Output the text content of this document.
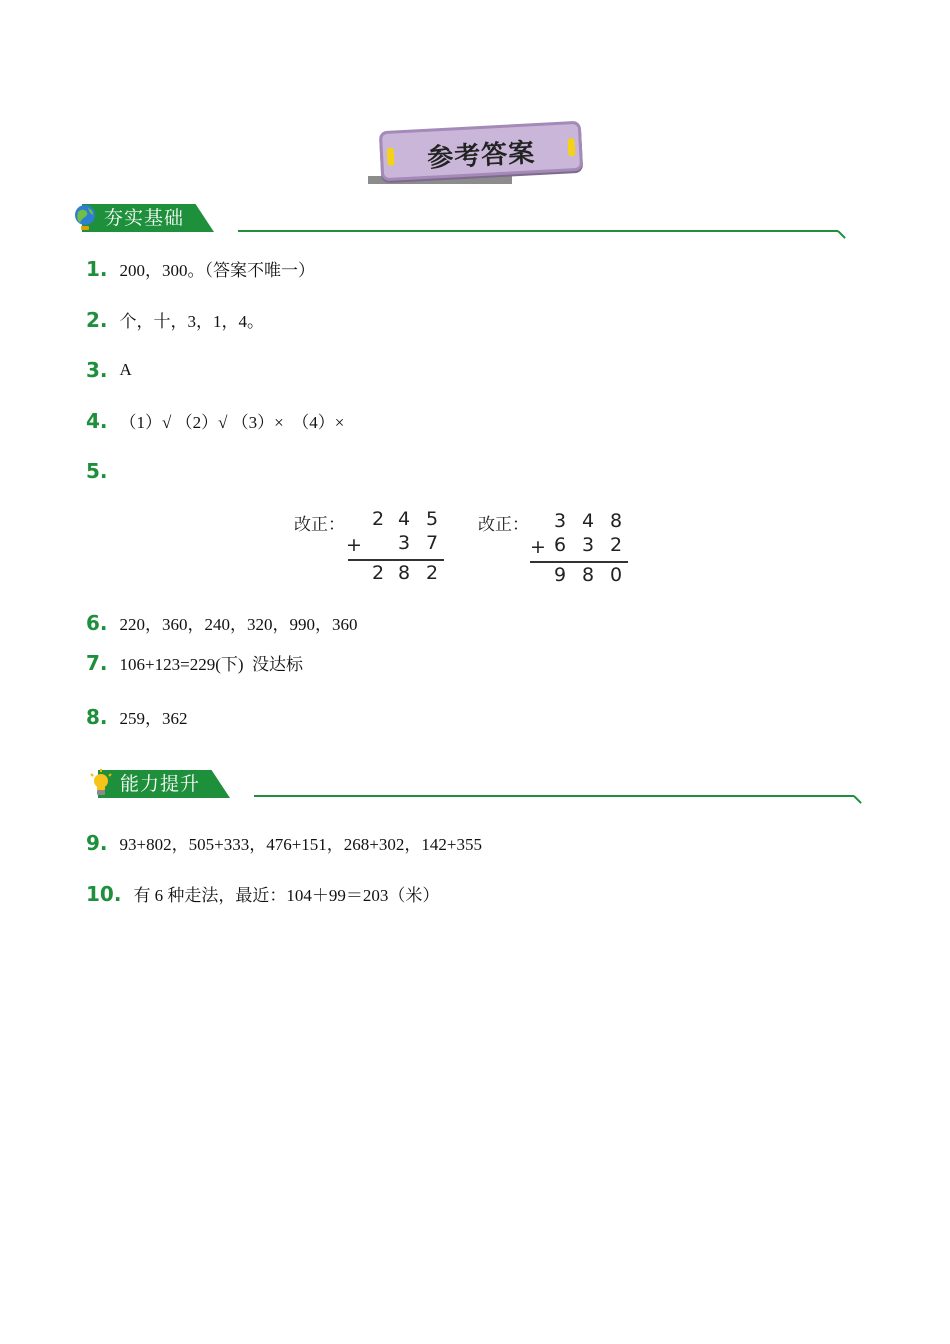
参考答案
夯实基础
1. 200，300。（答案不唯一）
2. 个，十，3，1，4。
3. A
4. （1）√ （2）√ （3）×  （4）×
5.
改正： 2 4 5
+ 3 7
2 8 2
改正： 3 4 8
+ 6 3 2
9 8 0
6. 220，360，240，320，990，360
7. 106+123=229(下)  没达标
8. 259，362
能力提升
9. 93+802，505+333，476+151，268+302，142+355
10. 有 6 种走法，最近：104＋99＝203（米）
